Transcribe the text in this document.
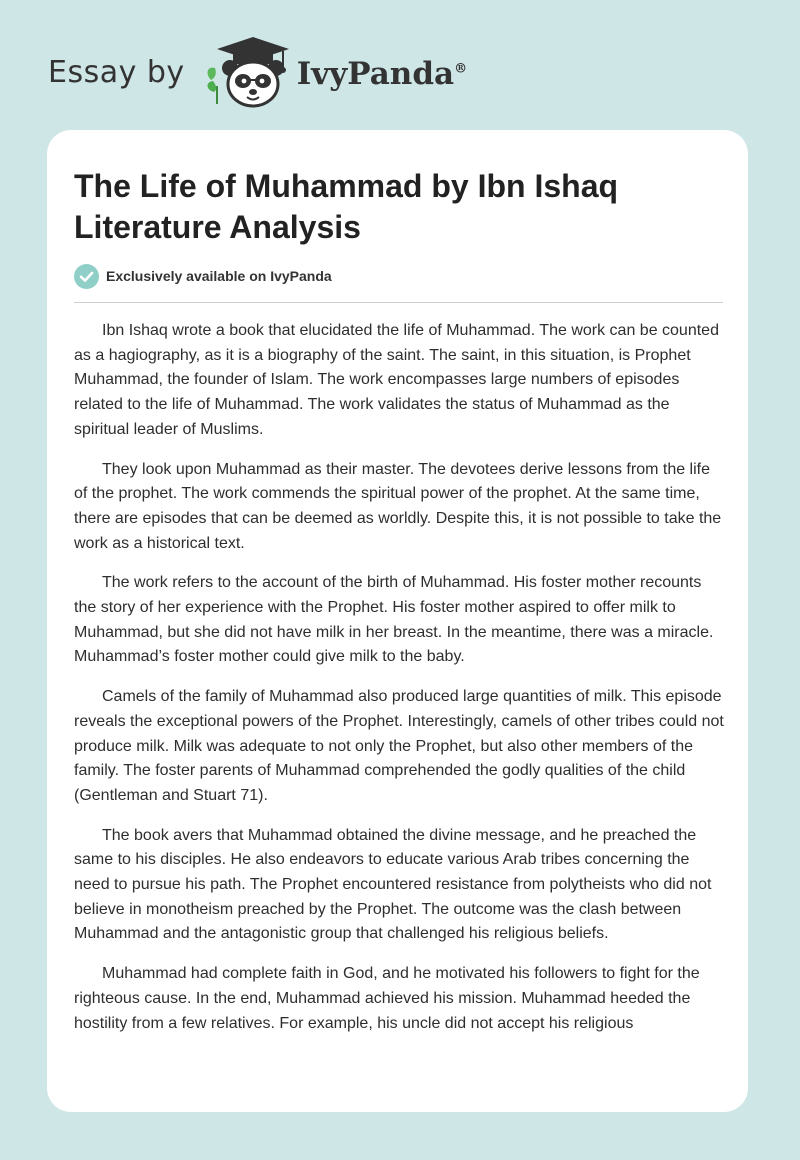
Essay by	IvyPanda®
The Life of Muhammad by Ibn Ishaq Literature Analysis
Exclusively available on IvyPanda

Ibn Ishaq wrote a book that elucidated the life of Muhammad. The work can be counted as a hagiography, as it is a biography of the saint. The saint, in this situation, is Prophet Muhammad, the founder of Islam. The work encompasses large numbers of episodes related to the life of Muhammad. The work validates the status of Muhammad as the spiritual leader of Muslims.

They look upon Muhammad as their master. The devotees derive lessons from the life of the prophet. The work commends the spiritual power of the prophet. At the same time, there are episodes that can be deemed as worldly. Despite this, it is not possible to take the work as a historical text.

The work refers to the account of the birth of Muhammad. His foster mother recounts the story of her experience with the Prophet. His foster mother aspired to offer milk to Muhammad, but she did not have milk in her breast. In the meantime, there was a miracle. Muhammad’s foster mother could give milk to the baby.

Camels of the family of Muhammad also produced large quantities of milk. This episode reveals the exceptional powers of the Prophet. Interestingly, camels of other tribes could not produce milk. Milk was adequate to not only the Prophet, but also other members of the family. The foster parents of Muhammad comprehended the godly qualities of the child (Gentleman and Stuart 71).

The book avers that Muhammad obtained the divine message, and he preached the same to his disciples. He also endeavors to educate various Arab tribes concerning the need to pursue his path. The Prophet encountered resistance from polytheists who did not believe in monotheism preached by the Prophet. The outcome was the clash between Muhammad and the antagonistic group that challenged his religious beliefs.

Muhammad had complete faith in God, and he motivated his followers to fight for the righteous cause. In the end, Muhammad achieved his mission. Muhammad heeded the hostility from a few relatives. For example, his uncle did not accept his religious
